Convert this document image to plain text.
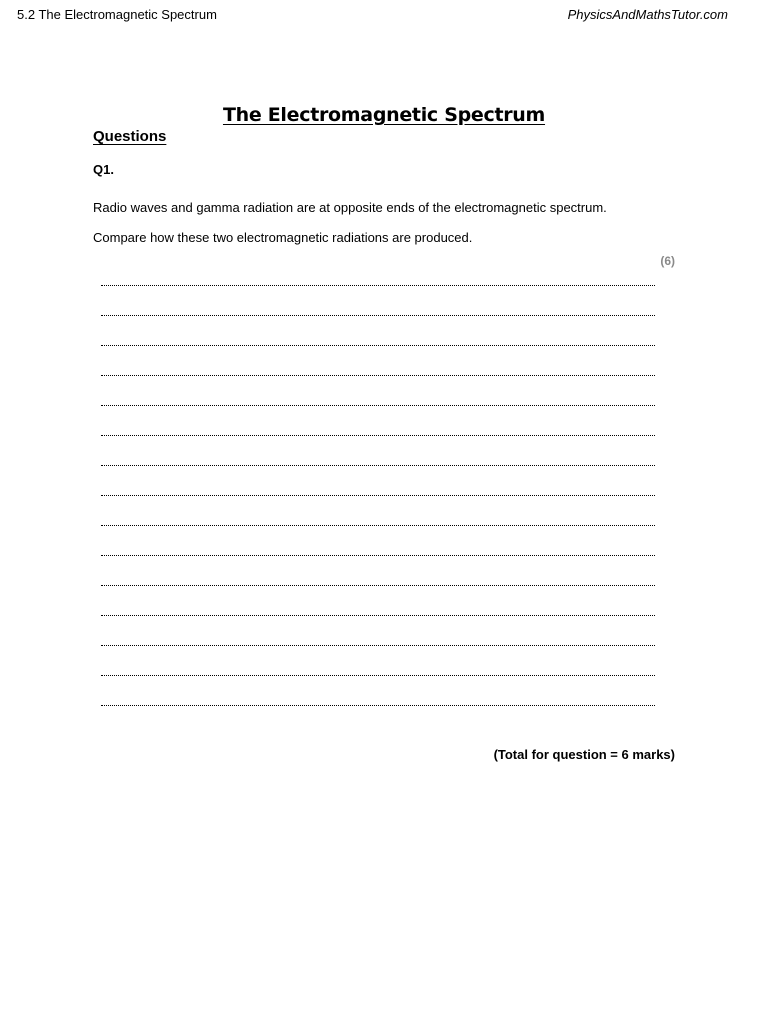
5.2 The Electromagnetic Spectrum	PhysicsAndMathsTutor.com
The Electromagnetic Spectrum
Questions
Q1.
Radio waves and gamma radiation are at opposite ends of the electromagnetic spectrum.
Compare how these two electromagnetic radiations are produced.
(6)
(Total for question = 6 marks)
